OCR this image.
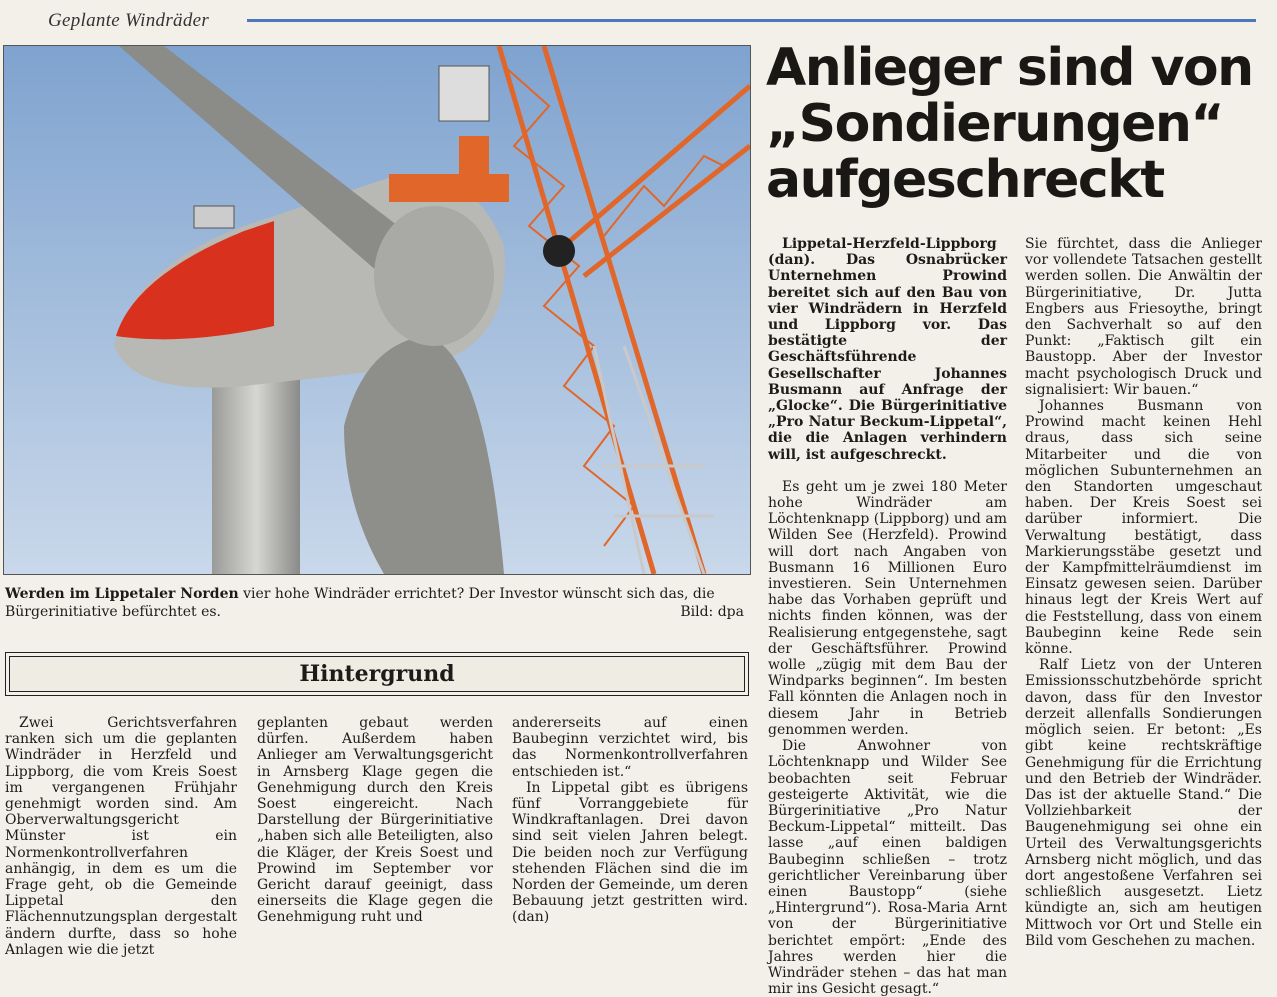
Geplante Windräder
Werden im Lippetaler Norden vier hohe Windräder errichtet? Der Investor wünscht sich das, die Bürgerinitiative befürchtet es.	Bild: dpa
Anlieger sind von
„Sondierungen“
aufgeschreckt

Lippetal-Herzfeld-Lippborg (dan). Das Osnabrücker Unternehmen Prowind bereitet sich auf den Bau von vier Windrädern in Herzfeld und Lippborg vor. Das bestätigte der Geschäftsführende Gesellschafter Johannes Busmann auf Anfrage der „Glocke“. Die Bürgerinitiative „Pro Natur Beckum-Lippetal“, die die Anlagen verhindern will, ist aufgeschreckt.

Es geht um je zwei 180 Meter hohe Windräder am Löchtenknapp (Lippborg) und am Wilden See (Herzfeld). Prowind will dort nach Angaben von Busmann 16 Millionen Euro investieren. Sein Unternehmen habe das Vorhaben geprüft und nichts finden können, was der Realisierung entgegenstehe, sagt der Geschäftsführer. Prowind wolle „zügig mit dem Bau der Windparks beginnen“. Im besten Fall könnten die Anlagen noch in diesem Jahr in Betrieb genommen werden.

Die Anwohner von Löchtenknapp und Wilder See beobachten seit Februar gesteigerte Aktivität, wie die Bürgerinitiative „Pro Natur Beckum-Lippetal“ mitteilt. Das lasse „auf einen baldigen Baubeginn schließen – trotz gerichtlicher Vereinbarung über einen Baustopp“ (siehe „Hintergrund“). Rosa-Maria Arnt von der Bürgerinitiative berichtet empört: „Ende des Jahres werden hier die Windräder stehen – das hat man mir ins Gesicht gesagt.“

Sie fürchtet, dass die Anlieger vor vollendete Tatsachen gestellt werden sollen. Die Anwältin der Bürgerinitiative, Dr. Jutta Engbers aus Friesoythe, bringt den Sachverhalt so auf den Punkt: „Faktisch gilt ein Baustopp. Aber der Investor macht psychologisch Druck und signalisiert: Wir bauen.“

Johannes Busmann von Prowind macht keinen Hehl draus, dass sich seine Mitarbeiter und die von möglichen Subunternehmen an den Standorten umgeschaut haben. Der Kreis Soest sei darüber informiert. Die Verwaltung bestätigt, dass Markierungsstäbe gesetzt und der Kampfmittelräumdienst im Einsatz gewesen seien. Darüber hinaus legt der Kreis Wert auf die Feststellung, dass von einem Baubeginn keine Rede sein könne.

Ralf Lietz von der Unteren Emissionsschutzbehörde spricht davon, dass für den Investor derzeit allenfalls Sondierungen möglich seien. Er betont: „Es gibt keine rechtskräftige Genehmigung für die Errichtung und den Betrieb der Windräder. Das ist der aktuelle Stand.“ Die Vollziehbarkeit der Baugenehmigung sei ohne ein Urteil des Verwaltungsgerichts Arnsberg nicht möglich, und das dort angestoßene Verfahren sei schließlich ausgesetzt. Lietz kündigte an, sich am heutigen Mittwoch vor Ort und Stelle ein Bild vom Geschehen zu machen.

Hintergrund

Zwei Gerichtsverfahren ranken sich um die geplanten Windräder in Herzfeld und Lippborg, die vom Kreis Soest im vergangenen Frühjahr genehmigt worden sind. Am Oberverwaltungsgericht Münster ist ein Normenkontrollverfahren anhängig, in dem es um die Frage geht, ob die Gemeinde Lippetal den Flächennutzungsplan dergestalt ändern durfte, dass so hohe Anlagen wie die jetzt

geplanten gebaut werden dürfen. Außerdem haben Anlieger am Verwaltungsgericht in Arnsberg Klage gegen die Genehmigung durch den Kreis Soest eingereicht. Nach Darstellung der Bürgerinitiative „haben sich alle Beteiligten, also die Kläger, der Kreis Soest und Prowind im September vor Gericht darauf geeinigt, dass einerseits die Klage gegen die Genehmigung ruht und

andererseits auf einen Baubeginn verzichtet wird, bis das Normenkontrollverfahren entschieden ist.“

In Lippetal gibt es übrigens fünf Vorranggebiete für Windkraftanlagen. Drei davon sind seit vielen Jahren belegt. Die beiden noch zur Verfügung stehenden Flächen sind die im Norden der Gemeinde, um deren Bebauung jetzt gestritten wird. (dan)
